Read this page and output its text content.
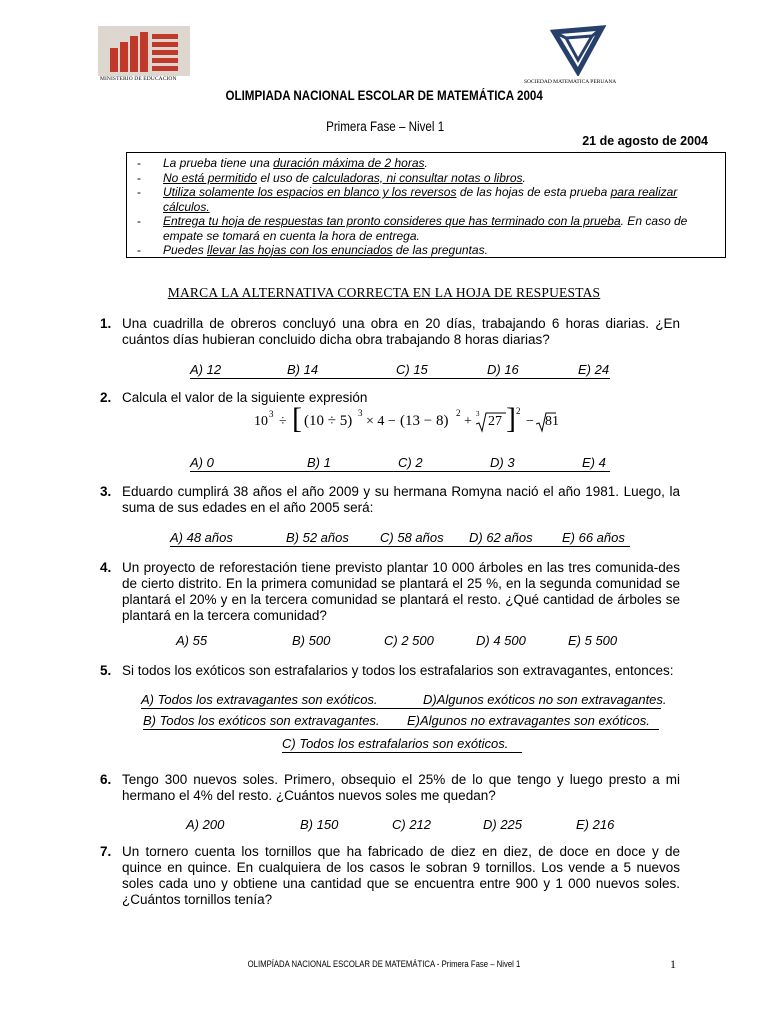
MINISTERIO DE EDUCACION	SOCIEDAD MATEMATICA PERUANA
OLIMPIADA NACIONAL ESCOLAR DE MATEMÁTICA 2004
Primera Fase – Nivel 1
21 de agosto de 2004
- La prueba tiene una duración máxima de 2 horas.
- No está permitido el uso de calculadoras, ni consultar notas o libros.
- Utiliza solamente los espacios en blanco y los reversos de las hojas de esta prueba para realizar cálculos.
- Entrega tu hoja de respuestas tan pronto consideres que has terminado con la prueba. En caso de empate se tomará en cuenta la hora de entrega.
- Puedes llevar las hojas con los enunciados de las preguntas.
MARCA LA ALTERNATIVA CORRECTA EN LA HOJA DE RESPUESTAS
1. Una cuadrilla de obreros concluyó una obra en 20 días, trabajando 6 horas diarias. ¿En cuántos días hubieran concluido dicha obra trabajando 8 horas diarias?
A) 12	B) 14	C) 15	D) 16	E) 24
2. Calcula el valor de la siguiente expresión
10 3 ÷ [ (10 ÷ 5) 3
× 4 − (13 − 8) 2
+ 3 27 ] 2
− 81
A) 0	B) 1	C) 2	D) 3	E) 4
3. Eduardo cumplirá 38 años el año 2009 y su hermana Romyna nació el año 1981. Luego, la suma de sus edades en el año 2005 será:
A) 48 años	B) 52 años C) 58 años D) 62 años E) 66 años
4. Un proyecto de reforestación tiene previsto plantar 10 000 árboles en las tres comunida-des de cierto distrito. En la primera comunidad se plantará el 25 %, en la segunda comunidad se plantará el 20% y en la tercera comunidad se plantará el resto. ¿Qué cantidad de árboles se plantará en la tercera comunidad?
A) 55	B) 500	C) 2 500	D) 4 500	E) 5 500
5. Si todos los exóticos son estrafalarios y todos los estrafalarios son extravagantes, entonces:
A) Todos los extravagantes son exóticos.	D)Algunos exóticos no son extravagantes.
B) Todos los exóticos son extravagantes. E)Algunos no extravagantes son exóticos.
C) Todos los estrafalarios son exóticos.
6. Tengo 300 nuevos soles. Primero, obsequio el 25% de lo que tengo y luego presto a mi hermano el 4% del resto. ¿Cuántos nuevos soles me quedan?
A) 200	B) 150	C) 212	D) 225	E) 216
7. Un tornero cuenta los tornillos que ha fabricado de diez en diez, de doce en doce y de quince en quince. En cualquiera de los casos le sobran 9 tornillos. Los vende a 5 nuevos soles cada uno y obtiene una cantidad que se encuentra entre 900 y 1 000 nuevos soles. ¿Cuántos tornillos tenía?
OLIMPÍADA NACIONAL ESCOLAR DE MATEMÁTICA - Primera Fase – Nivel 1	1
